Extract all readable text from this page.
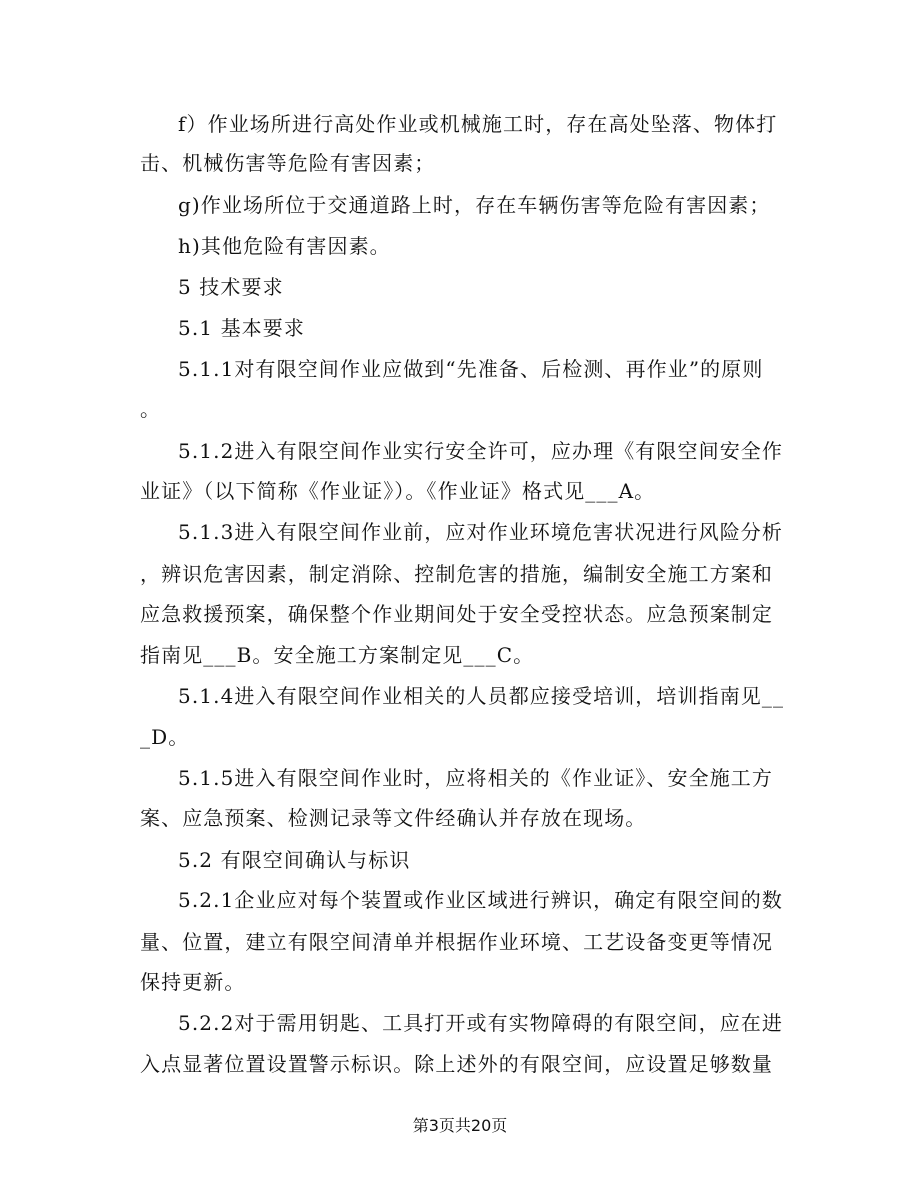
f）作业场所进行高处作业或机械施工时，存在高处坠落、物体打
击、机械伤害等危险有害因素；
g)作业场所位于交通道路上时，存在车辆伤害等危险有害因素；
h)其他危险有害因素。
5 技术要求
5.1 基本要求
5.1.1对有限空间作业应做到“先准备、后检测、再作业”的原则
。
5.1.2进入有限空间作业实行安全许可，应办理《有限空间安全作
业证》（以下简称《作业证》）。《作业证》格式见___A。
5.1.3进入有限空间作业前，应对作业环境危害状况进行风险分析
，辨识危害因素，制定消除、控制危害的措施，编制安全施工方案和
应急救援预案，确保整个作业期间处于安全受控状态。应急预案制定
指南见___B。安全施工方案制定见___C。
5.1.4进入有限空间作业相关的人员都应接受培训，培训指南见__
_D。
5.1.5进入有限空间作业时，应将相关的《作业证》、安全施工方
案、应急预案、检测记录等文件经确认并存放在现场。
5.2 有限空间确认与标识
5.2.1企业应对每个装置或作业区域进行辨识，确定有限空间的数
量、位置，建立有限空间清单并根据作业环境、工艺设备变更等情况
保持更新。
5.2.2对于需用钥匙、工具打开或有实物障碍的有限空间，应在进
入点显著位置设置警示标识。除上述外的有限空间，应设置足够数量
第3页共20页
